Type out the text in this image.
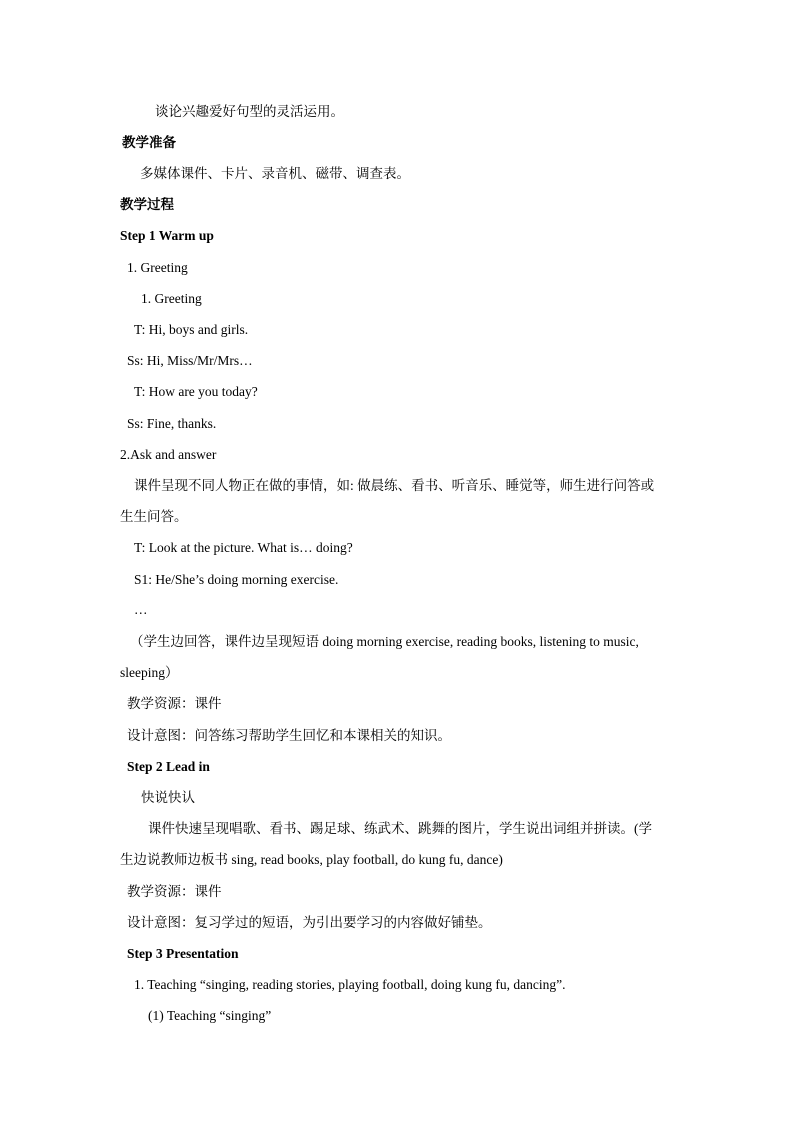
谈论兴趣爱好句型的灵活运用。
教学准备
多媒体课件、卡片、录音机、磁带、调查表。
教学过程
Step 1 Warm up
1. Greeting
1. Greeting
T: Hi, boys and girls.
Ss: Hi, Miss/Mr/Mrs…
T: How are you today?
Ss: Fine, thanks.
2.Ask and answer
课件呈现不同人物正在做的事情，如: 做晨练、看书、听音乐、睡觉等，师生进行问答或
生生问答。
T: Look at the picture. What is… doing?
S1: He/She’s doing morning exercise.
…
（学生边回答，课件边呈现短语 doing morning exercise, reading books, listening to music,
sleeping）
教学资源：课件
设计意图：问答练习帮助学生回忆和本课相关的知识。
Step 2 Lead in
快说快认
课件快速呈现唱歌、看书、踢足球、练武术、跳舞的图片，学生说出词组并拼读。(学
生边说教师边板书 sing, read books, play football, do kung fu, dance)
教学资源：课件
设计意图：复习学过的短语，为引出要学习的内容做好铺垫。
Step 3 Presentation
1. Teaching “singing, reading stories, playing football, doing kung fu, dancing”.
(1) Teaching “singing”
